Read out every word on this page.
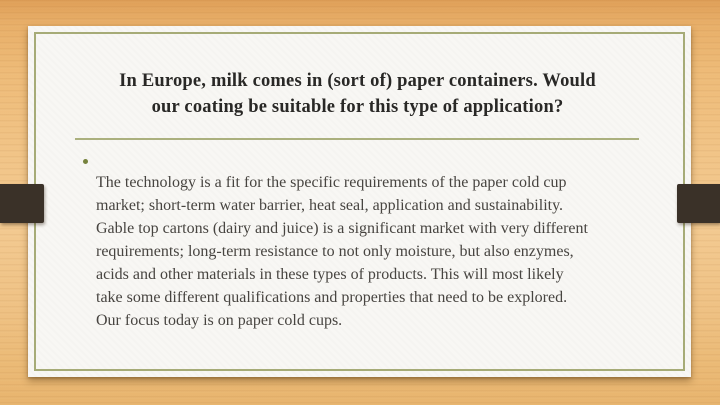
In Europe, milk comes in (sort of) paper containers. Would
our coating be suitable for this type of application?
The technology is a fit for the specific requirements of the paper cold cup
market; short-term water barrier, heat seal, application and sustainability.
Gable top cartons (dairy and juice) is a significant market with very different
requirements; long-term resistance to not only moisture, but also enzymes,
acids and other materials in these types of products. This will most likely
take some different qualifications and properties that need to be explored.
Our focus today is on paper cold cups.
